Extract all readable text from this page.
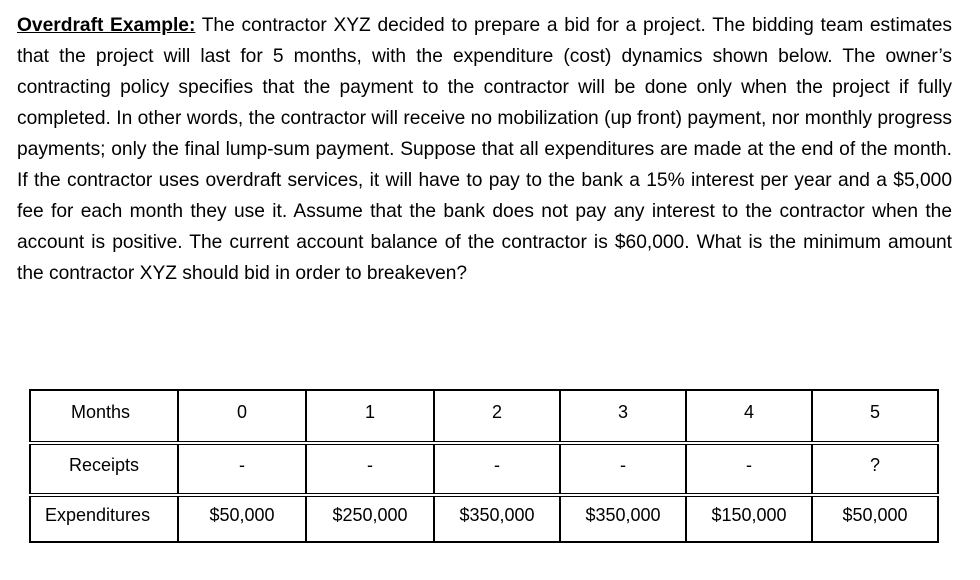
Overdraft Example: The contractor XYZ decided to prepare a bid for a project. The bidding team estimates that the project will last for 5 months, with the expenditure (cost) dynamics shown below. The owner’s contracting policy specifies that the payment to the contractor will be done only when the project if fully completed. In other words, the contractor will receive no mobilization (up front) payment, nor monthly progress payments; only the final lump-sum payment. Suppose that all expenditures are made at the end of the month. If the contractor uses overdraft services, it will have to pay to the bank a 15% interest per year and a $5,000 fee for each month they use it. Assume that the bank does not pay any interest to the contractor when the account is positive. The current account balance of the contractor is $60,000. What is the minimum amount the contractor XYZ should bid in order to breakeven?
Months	0	1	2	3	4	5
Receipts	-	-	-	-	-	?
Expenditures	$50,000	$250,000	$350,000	$350,000	$150,000	$50,000
